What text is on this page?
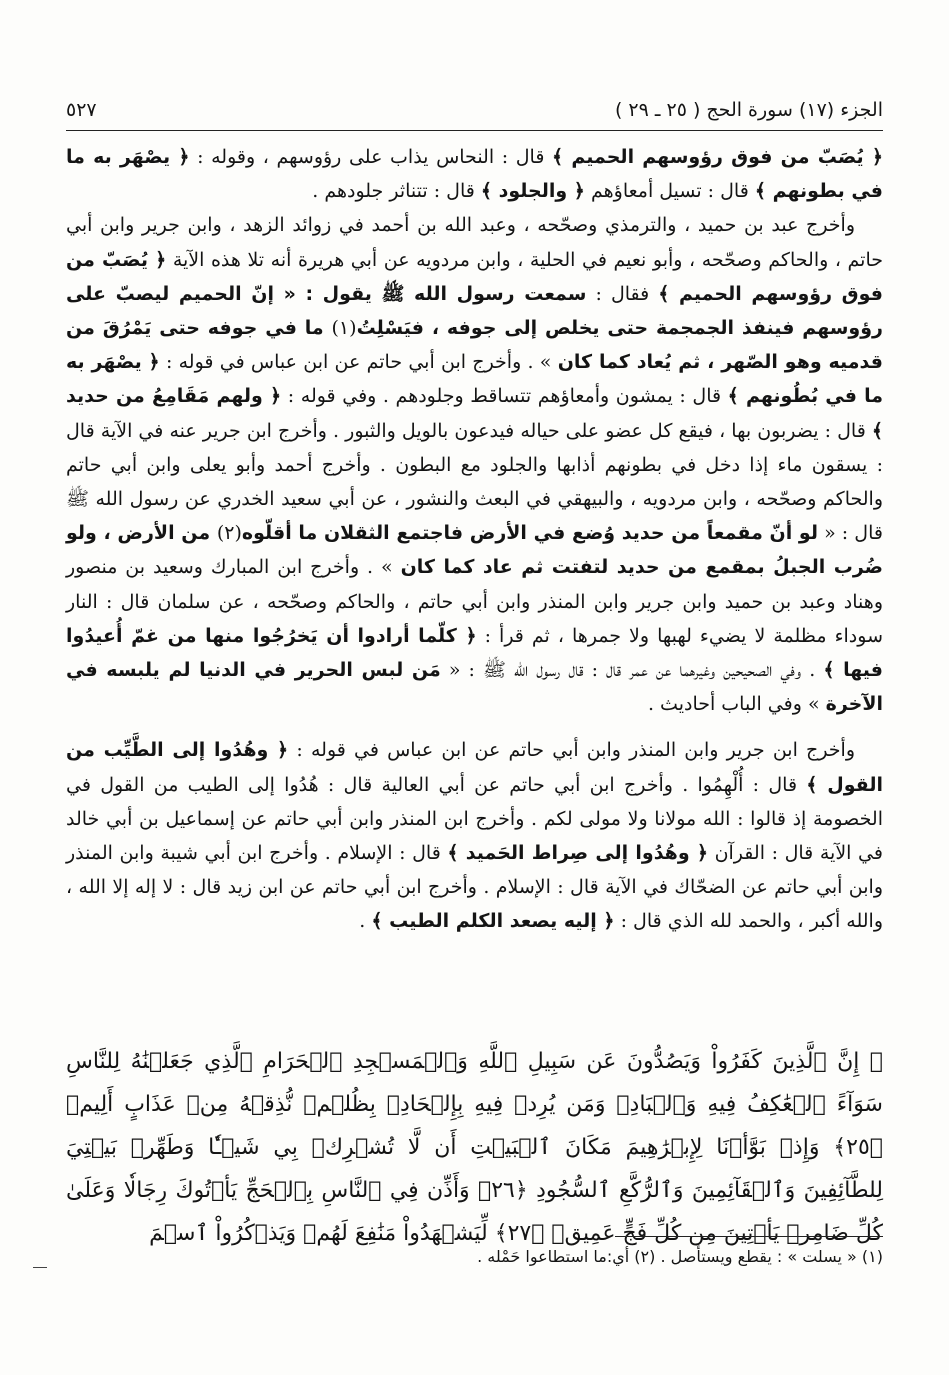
الجزء (١٧) سورة الحج ( ٢٥ ـ ٢٩ )
٥٢٧

﴿ يُصَبّ من فوق رؤوسهم الحميم ﴾ قال : النحاس يذاب على رؤوسهم ، وقوله : ﴿ يصْهَر به ما في بطونهم ﴾ قال : تسيل أمعاؤهم ﴿ والجلود ﴾ قال : تتناثر جلودهم .

وأخرج عبد بن حميد ، والترمذي وصحّحه ، وعبد الله بن أحمد في زوائد الزهد ، وابن جرير وابن أبي حاتم ، والحاكم وصحّحه ، وأبو نعيم في الحلية ، وابن مردويه عن أبي هريرة أنه تلا هذه الآية ﴿ يُصَبّ من فوق رؤوسهم الحميم ﴾ فقال : سمعت رسول الله ﷺ يقول : « إنّ الحميم ليصبّ على رؤوسهم فينفذ الجمجمة حتى يخلص إلى جوفه ، فيَسْلِتُ(١) ما في جوفه حتى يَمْرُقَ من قدميه وهو الصّهر ، ثم يُعاد كما كان » . وأخرج ابن أبي حاتم عن ابن عباس في قوله : ﴿ يصْهَر به ما في بُطُونهم ﴾ قال : يمشون وأمعاؤهم تتساقط وجلودهم . وفي قوله : ﴿ ولهم مَقَامِعُ من حديد ﴾ قال : يضربون بها ، فيقع كل عضو على حياله فيدعون بالويل والثبور . وأخرج ابن جرير عنه في الآية قال : يسقون ماء إذا دخل في بطونهم أذابها والجلود مع البطون . وأخرج أحمد وأبو يعلى وابن أبي حاتم والحاكم وصحّحه ، وابن مردويه ، والبيهقي في البعث والنشور ، عن أبي سعيد الخدري عن رسول الله ﷺ قال : « لو أنّ مقمعاً من حديد وُضع في الأرض فاجتمع الثقلان ما أقلّوه(٢) من الأرض ، ولو ضُرب الجبلُ بمقمع من حديد لتفتت ثم عاد كما كان » . وأخرج ابن المبارك وسعيد بن منصور وهناد وعبد بن حميد وابن جرير وابن المنذر وابن أبي حاتم ، والحاكم وصحّحه ، عن سلمان قال : النار سوداء مظلمة لا يضيء لهبها ولا جمرها ، ثم قرأ : ﴿ كلّما أرادوا أن يَخرُجُوا منها من غمّ أُعيدُوا فيها ﴾ . وفي الصحيحين وغيرهما عن عمر قال : قال رسول الله ﷺ : « مَن لبس الحرير في الدنيا لم يلبسه في الآخرة » وفي الباب أحاديث .

وأخرج ابن جرير وابن المنذر وابن أبي حاتم عن ابن عباس في قوله : ﴿ وهُدُوا إلى الطَّيِّب من القول ﴾ قال : أُلْهِمُوا . وأخرج ابن أبي حاتم عن أبي العالية قال : هُدُوا إلى الطيب من القول في الخصومة إذ قالوا : الله مولانا ولا مولى لكم . وأخرج ابن المنذر وابن أبي حاتم عن إسماعيل بن أبي خالد في الآية قال : القرآن ﴿ وهُدُوا إلى صِراط الحَميد ﴾ قال : الإسلام . وأخرج ابن أبي شيبة وابن المنذر وابن أبي حاتم عن الضحّاك في الآية قال : الإسلام . وأخرج ابن أبي حاتم عن ابن زيد قال : لا إله إلا الله ، والله أكبر ، والحمد لله الذي قال : ﴿ إليه يصعد الكلم الطيب ﴾ .

﴿ إِنَّ ٱلَّذِينَ كَفَرُواْ وَيَصُدُّونَ عَن سَبِيلِ ٱللَّهِ وَٱلۡمَسۡجِدِ ٱلۡحَرَامِ ٱلَّذِي جَعَلۡنَٰهُ لِلنَّاسِ سَوَآءً ٱلۡعَٰكِفُ فِيهِ وَٱلۡبَادِۚ وَمَن يُرِدۡ فِيهِ بِإِلۡحَادِۭ بِظُلۡمٖ نُّذِقۡهُ مِنۡ عَذَابٍ أَلِيمٖ ﴿٢٥﴾ وَإِذۡ بَوَّأۡنَا لِإِبۡرَٰهِيمَ مَكَانَ ٱلۡبَيۡتِ أَن لَّا تُشۡرِكۡ بِي شَيۡـٔٗا وَطَهِّرۡ بَيۡتِيَ لِلطَّآئِفِينَ وَٱلۡقَآئِمِينَ وَٱلرُّكَّعِ ٱلسُّجُودِ ﴿٢٦﴾ وَأَذِّن فِي ٱلنَّاسِ بِٱلۡحَجِّ يَأۡتُوكَ رِجَالٗا وَعَلَىٰ كُلِّ ضَامِرٖ يَأۡتِينَ مِن كُلِّ فَجٍّ عَمِيقٖ ﴿٢٧﴾ لِّيَشۡهَدُواْ مَنَٰفِعَ لَهُمۡ وَيَذۡكُرُواْ ٱسۡمَ
(١) « يسلت » : يقطع ويستأصل . (٢) أي:ما استطاعوا حَمْله .
